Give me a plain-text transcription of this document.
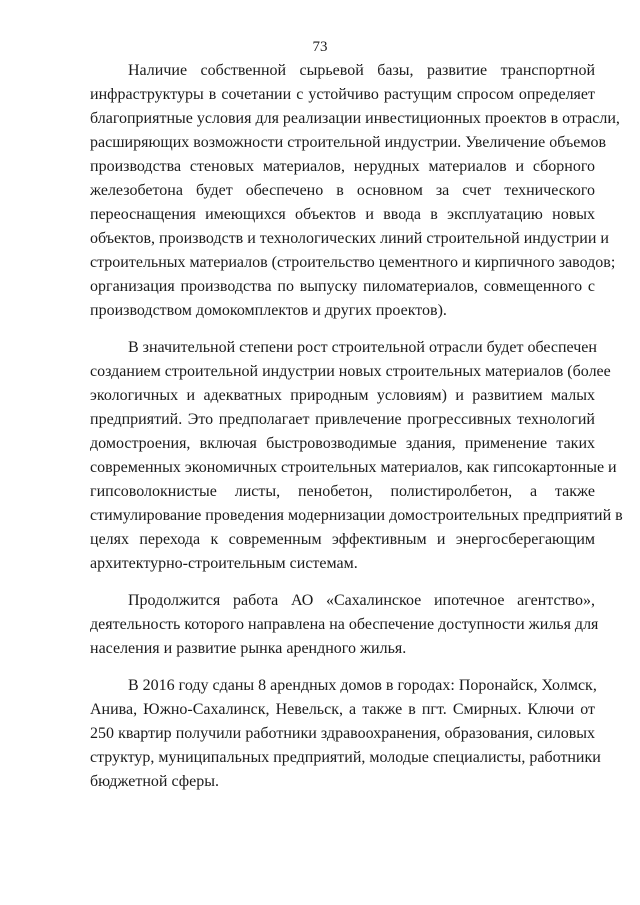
73
Наличие собственной сырьевой базы, развитие транспортной
инфраструктуры в сочетании с устойчиво растущим спросом определяет
благоприятные условия для реализации инвестиционных проектов в отрасли,
расширяющих возможности строительной индустрии. Увеличение объемов
производства стеновых материалов, нерудных материалов и сборного
железобетона будет обеспечено в основном за счет технического
переоснащения имеющихся объектов и ввода в эксплуатацию новых
объектов, производств и технологических линий строительной индустрии и
строительных материалов (строительство цементного и кирпичного заводов;
организация производства по выпуску пиломатериалов, совмещенного с
производством домокомплектов и других проектов).
В значительной степени рост строительной отрасли будет обеспечен
созданием строительной индустрии новых строительных материалов (более
экологичных и адекватных природным условиям) и развитием малых
предприятий. Это предполагает привлечение прогрессивных технологий
домостроения, включая быстровозводимые здания, применение таких
современных экономичных строительных материалов, как гипсокартонные и
гипсоволокнистые листы, пенобетон, полистиролбетон, а также
стимулирование проведения модернизации домостроительных предприятий в
целях перехода к современным эффективным и энергосберегающим
архитектурно-строительным системам.
Продолжится работа АО «Сахалинское ипотечное агентство»,
деятельность которого направлена на обеспечение доступности жилья для
населения и развитие рынка арендного жилья.
В 2016 году сданы 8 арендных домов в городах: Поронайск, Холмск,
Анива, Южно-Сахалинск, Невельск, а также в пгт. Смирных. Ключи от
250 квартир получили работники здравоохранения, образования, силовых
структур, муниципальных предприятий, молодые специалисты, работники
бюджетной сферы.
